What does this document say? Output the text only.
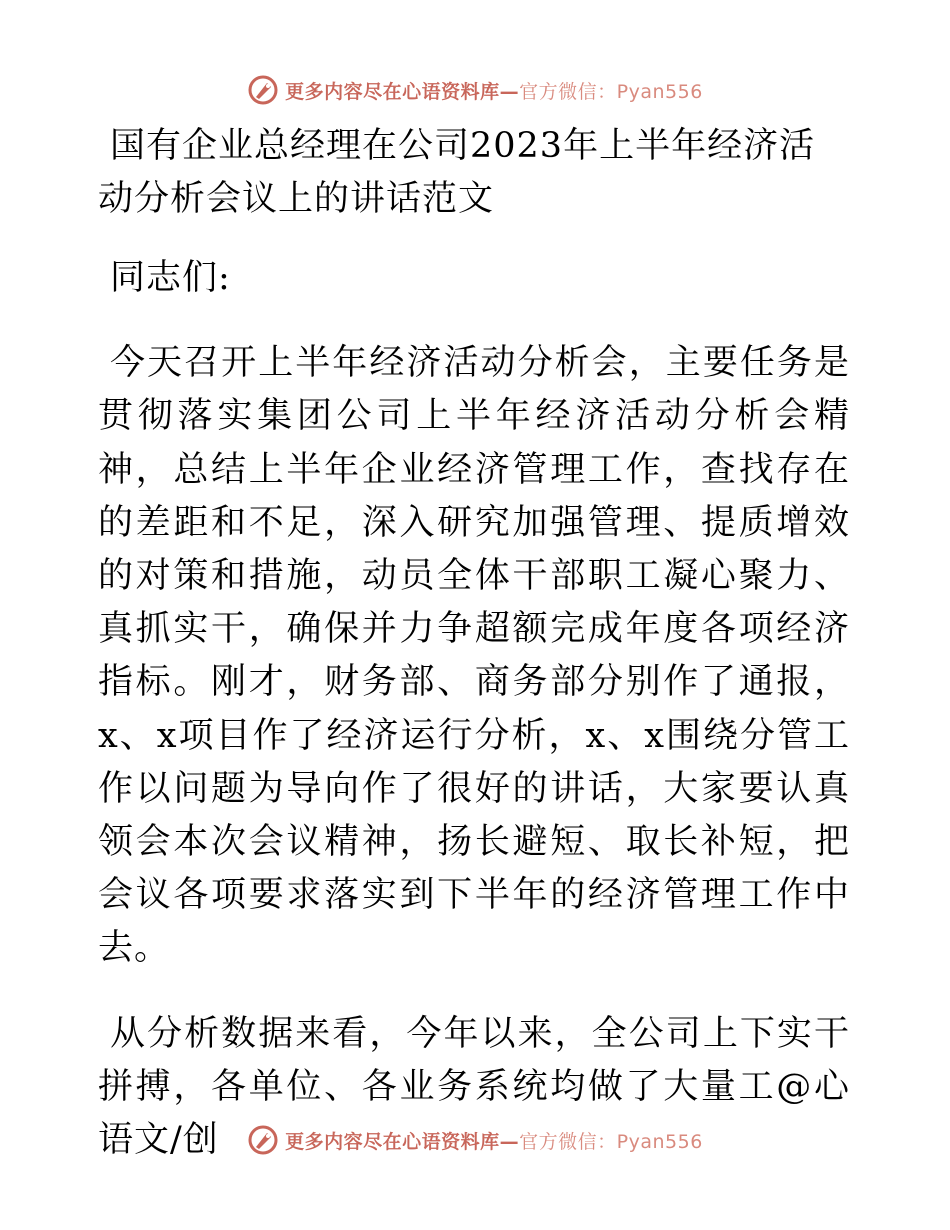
更多内容尽在心语资料库—官方微信：Pyan556
国有企业总经理在公司2023年上半年经济活动分析会议上的讲话范文

同志们:

今天召开上半年经济活动分析会，主要任务是贯彻落实集团公司上半年经济活动分析会精神，总结上半年企业经济管理工作，查找存在的差距和不足，深入研究加强管理、提质增效的对策和措施，动员全体干部职工凝心聚力、真抓实干，确保并力争超额完成年度各项经济指标。刚才，财务部、商务部分别作了通报，x、x项目作了经济运行分析，x、x围绕分管工作以问题为导向作了很好的讲话，大家要认真领会本次会议精神，扬长避短、取长补短，把会议各项要求落实到下半年的经济管理工作中去。

从分析数据来看，今年以来，全公司上下实干拼搏，各单位、各业务系统均做了大量工@心语文/创	更多内容尽在心语资料库—官方微信：Pyan556
